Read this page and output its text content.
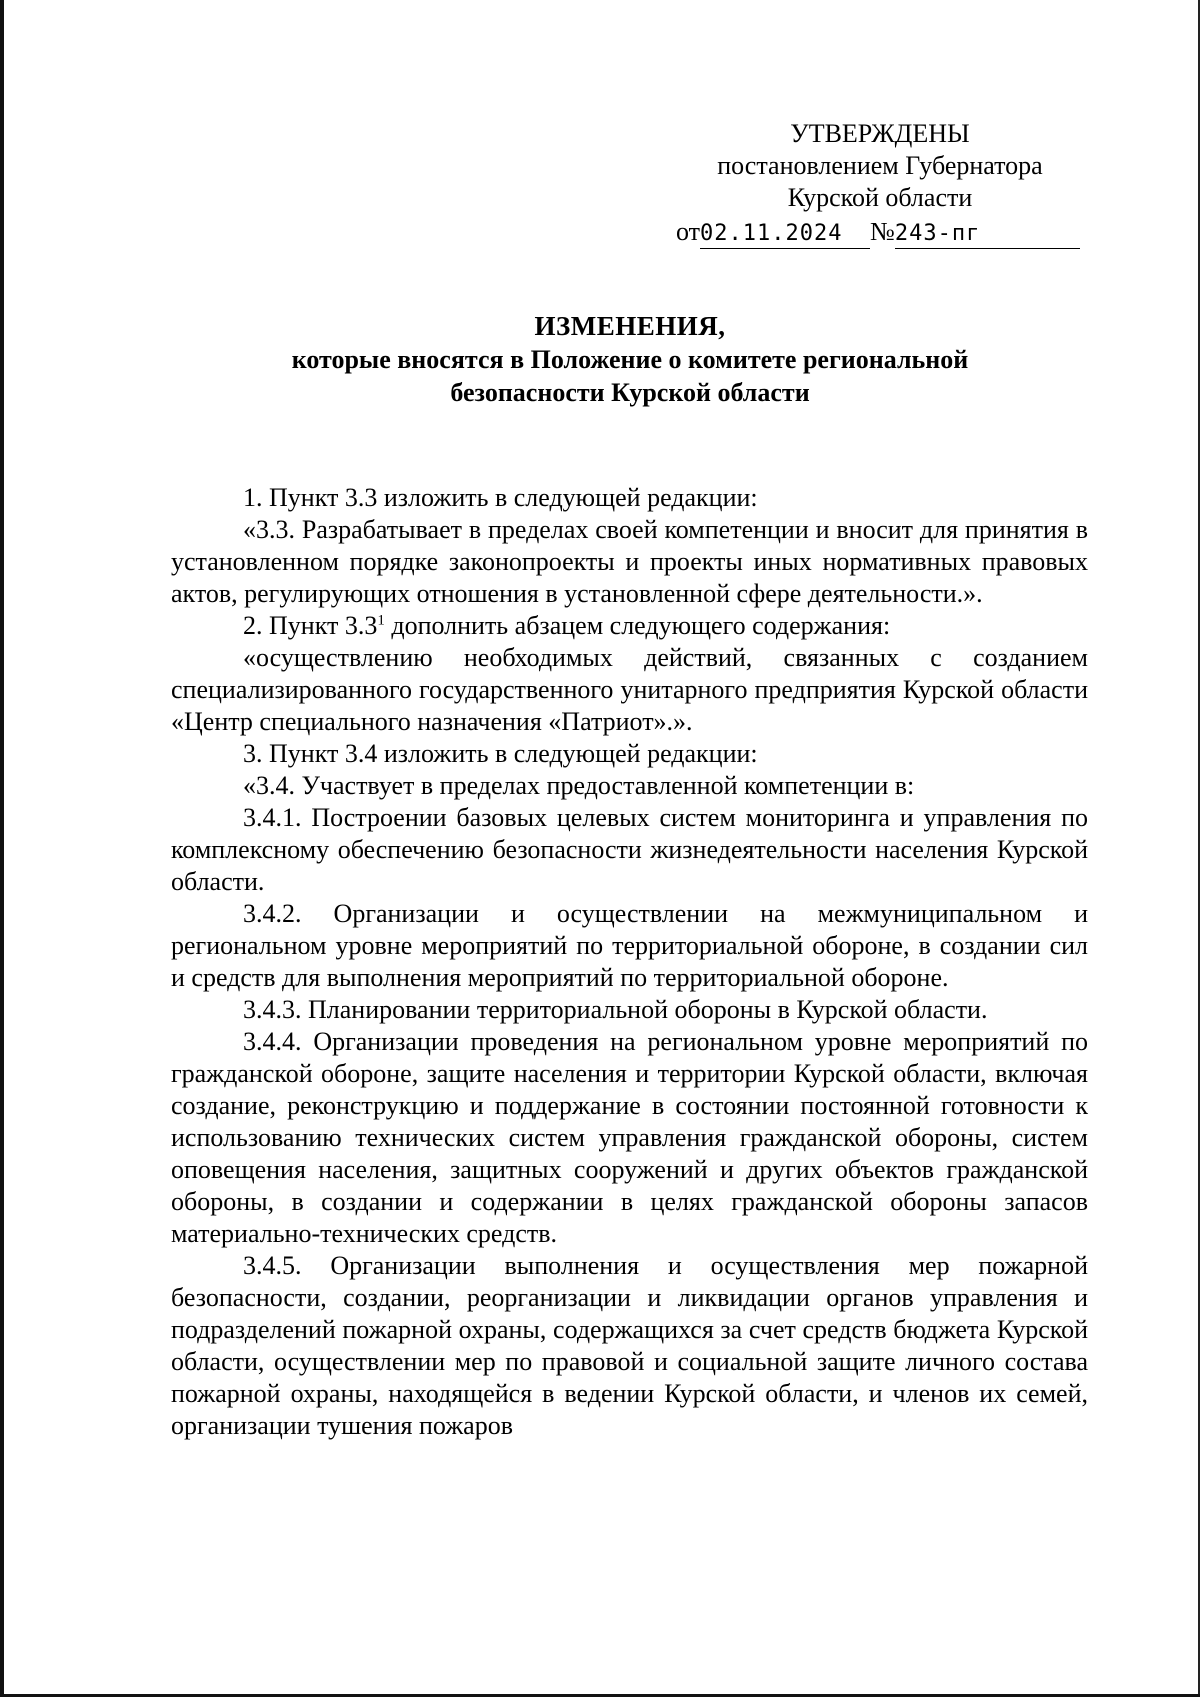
УТВЕРЖДЕНЫ
постановлением Губернатора
Курской области
от02.11.2024 №243-пг
ИЗМЕНЕНИЯ,
которые вносятся в Положение о комитете региональной
безопасности Курской области

1. Пункт 3.3 изложить в следующей редакции:

«3.3. Разрабатывает в пределах своей компетенции и вносит для принятия в установленном порядке законопроекты и проекты иных нормативных правовых актов, регулирующих отношения в установленной сфере деятельности.».

2. Пункт $3.3^1$ дополнить абзацем следующего содержания:

«осуществлению необходимых действий, связанных с созданием специализированного государственного унитарного предприятия Курской области «Центр специального назначения «Патриот».».

3. Пункт 3.4 изложить в следующей редакции:

«3.4. Участвует в пределах предоставленной компетенции в:

3.4.1. Построении базовых целевых систем мониторинга и управления по комплексному обеспечению безопасности жизнедеятельности населения Курской области.

3.4.2. Организации и осуществлении на межмуниципальном и региональном уровне мероприятий по территориальной обороне, в создании сил и средств для выполнения мероприятий по территориальной обороне.

3.4.3. Планировании территориальной обороны в Курской области.

3.4.4. Организации проведения на региональном уровне мероприятий по гражданской обороне, защите населения и территории Курской области, включая создание, реконструкцию и поддержание в состоянии постоянной готовности к использованию технических систем управления гражданской обороны, систем оповещения населения, защитных сооружений и других объектов гражданской обороны, в создании и содержании в целях гражданской обороны запасов материально-технических средств.

3.4.5. Организации выполнения и осуществления мер пожарной безопасности, создании, реорганизации и ликвидации органов управления и подразделений пожарной охраны, содержащихся за счет средств бюджета Курской области, осуществлении мер по правовой и социальной защите личного состава пожарной охраны, находящейся в ведении Курской области, и членов их семей, организации тушения пожаров
